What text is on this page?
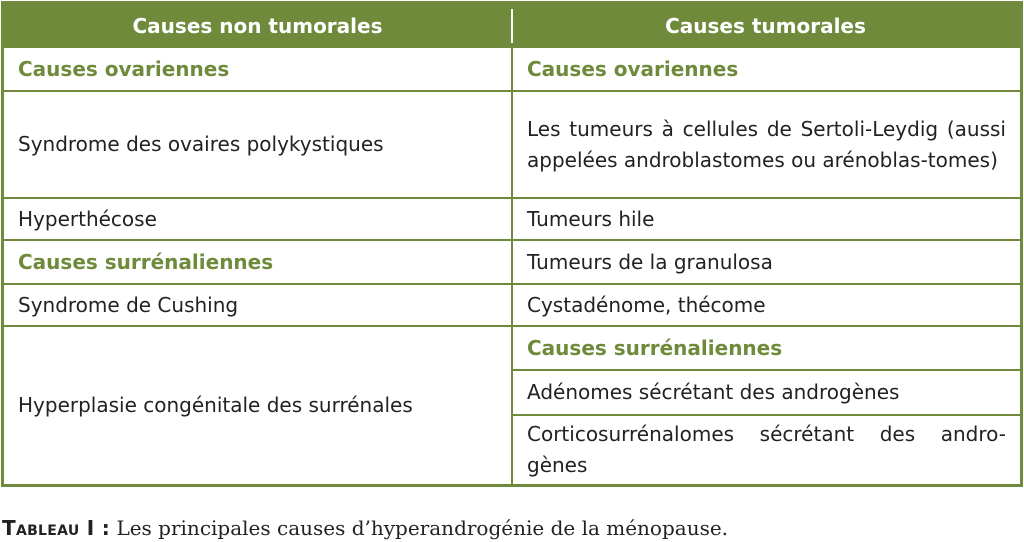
Causes non tumorales	Causes tumorales
Causes ovariennes
Syndrome des ovaires polykystiques
Hyperthécose
Causes surrénaliennes
Syndrome de Cushing
Hyperplasie congénitale des surrénales
Causes ovariennes
Les tumeurs à cellules de Sertoli-Leydig (aussi appelées androblastomes ou arénoblas-tomes)
Tumeurs hile
Tumeurs de la granulosa
Cystadénome, thécome
Causes surrénaliennes
Adénomes sécrétant des androgènes
Corticosurrénalomes sécrétant des andro-gènes
Tableau I : Les principales causes d’hyperandrogénie de la ménopause.
